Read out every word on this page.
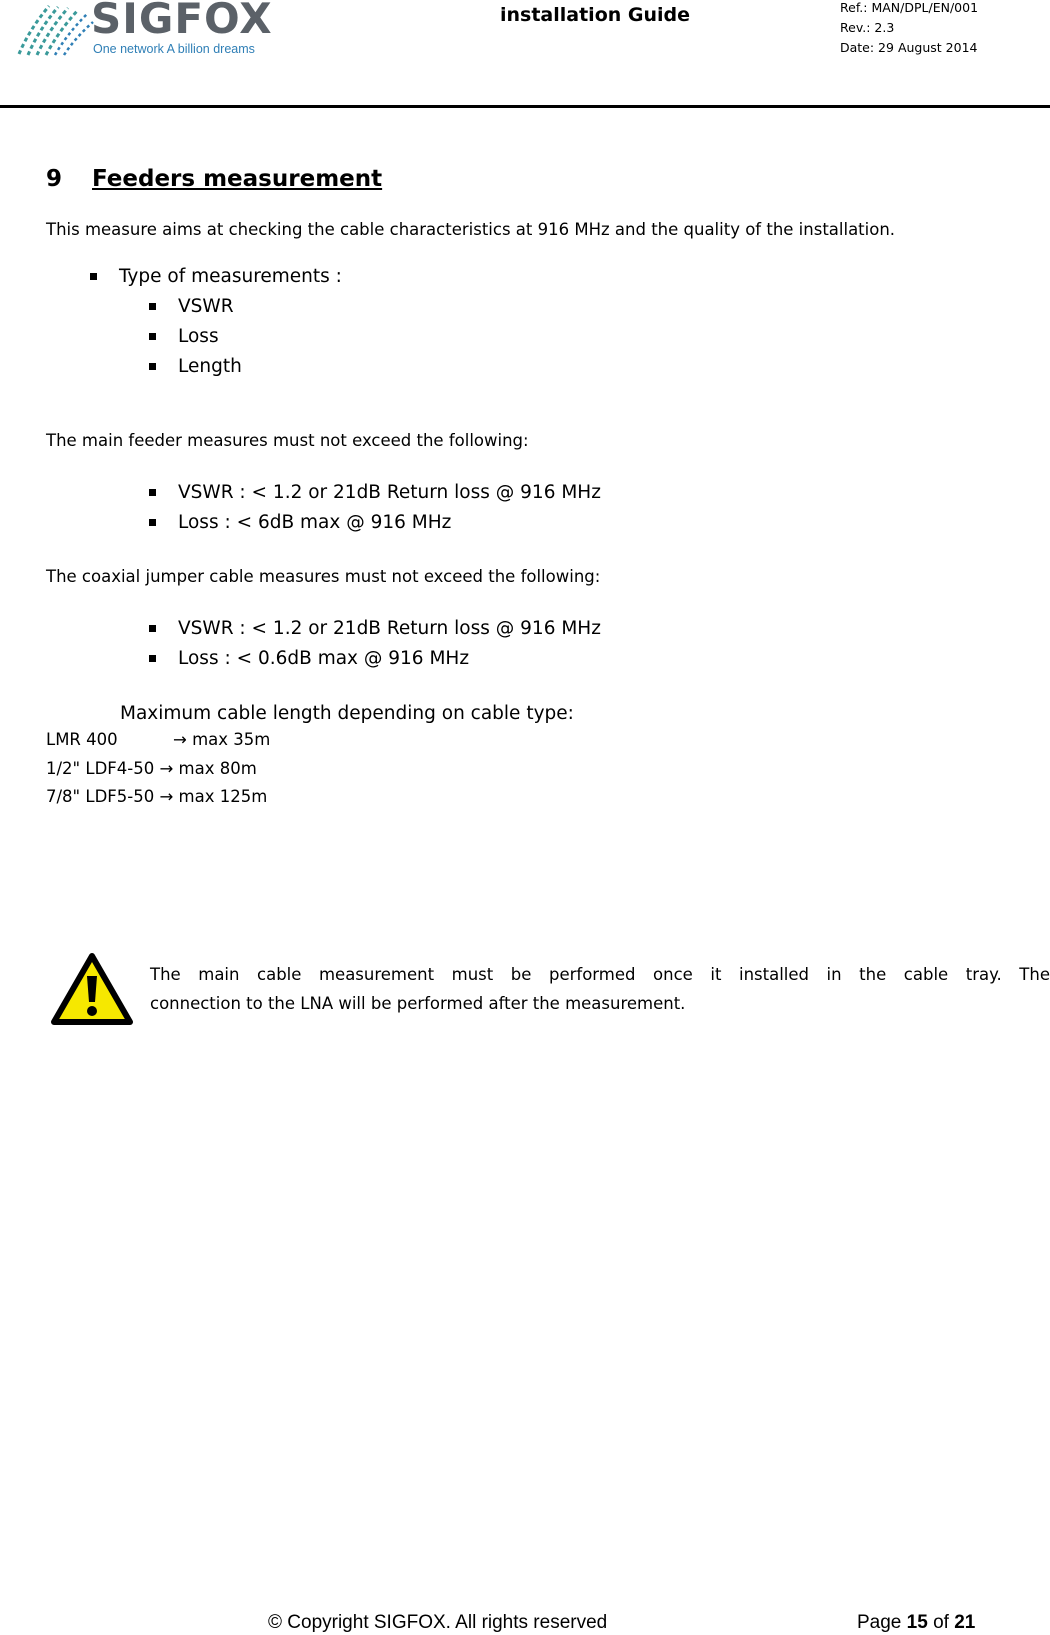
SIGFOX
One network A billion dreams
installation Guide	Ref.: MAN/DPL/EN/001
Rev.: 2.3
Date: 29 August 2014
9 Feeders measurement
This measure aims at checking the cable characteristics at 916 MHz and the quality of the installation.
Type of measurements :
VSWR
Loss
Length
The main feeder measures must not exceed the following:
VSWR : < 1.2 or 21dB Return loss @ 916 MHz
Loss : < 6dB max @ 916 MHz
The coaxial jumper cable measures must not exceed the following:
VSWR : < 1.2 or 21dB Return loss @ 916 MHz
Loss : < 0.6dB max @ 916 MHz
Maximum cable length depending on cable type:
LMR 400	→ max 35m
1/2" LDF4-50 → max 80m
7/8" LDF5-50 → max 125m
The main cable measurement must be performed once it installed in the cable tray. The
connection to the LNA will be performed after the measurement.
© Copyright SIGFOX. All rights reserved	Page 15 of 21
